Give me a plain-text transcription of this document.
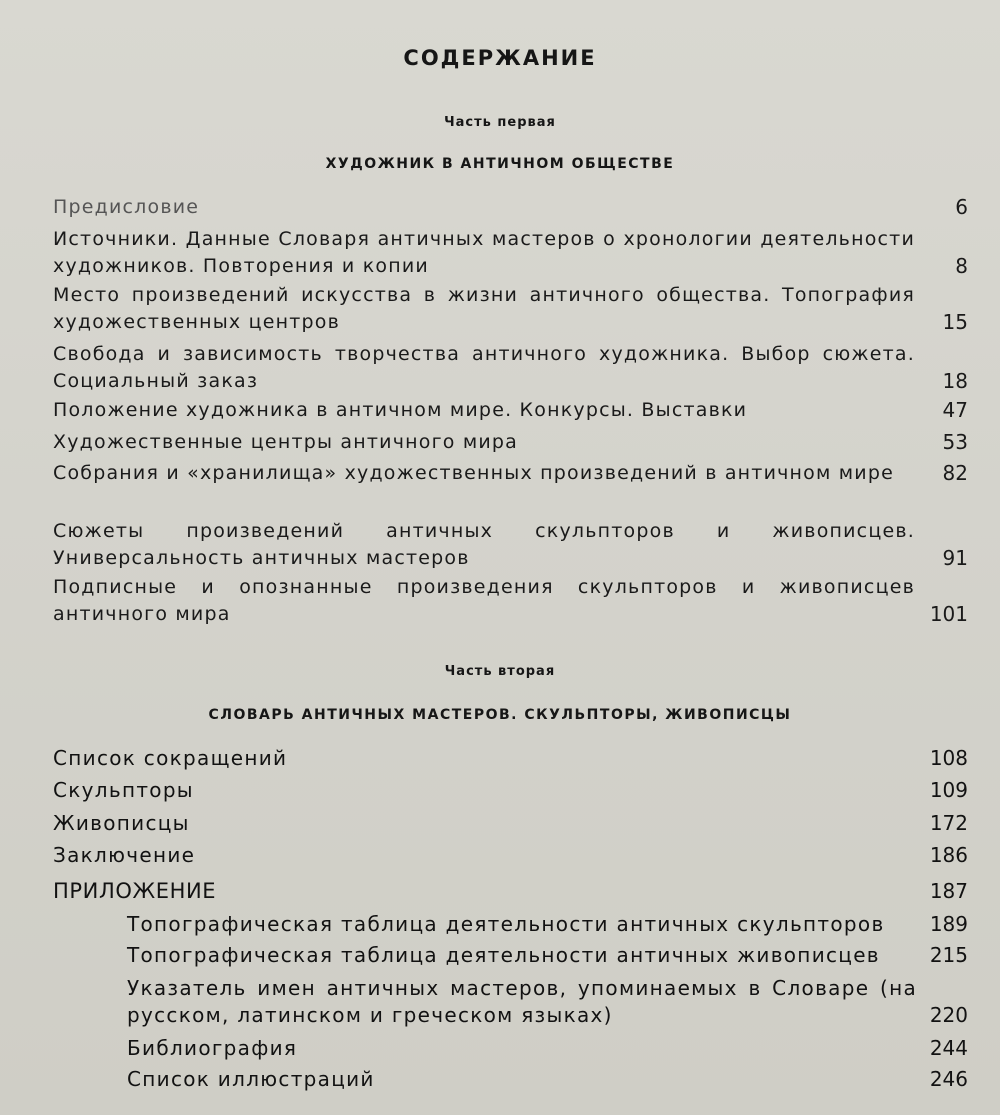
СОДЕРЖАНИЕ
Часть первая
ХУДОЖНИК В АНТИЧНОМ ОБЩЕСТВЕ
Предисловие	6
Источники. Данные Словаря античных мастеров о хронологии деятельности художников. Повторения и копии	8
Место произведений искусства в жизни античного общества. Топография художественных центров	15
Свобода и зависимость творчества античного художника. Выбор сюжета. Социальный заказ	18
Положение художника в античном мире. Конкурсы. Выставки	47
Художественные центры античного мира	53
Собрания и «хранилища» художественных произведений в античном мире	82
Сюжеты произведений античных скульпторов и живописцев. Универсальность античных мастеров	91
Подписные и опознанные произведения скульпторов и живописцев античного мира	101
Часть вторая
СЛОВАРЬ АНТИЧНЫХ МАСТЕРОВ. СКУЛЬПТОРЫ, ЖИВОПИСЦЫ
Список сокращений	108
Скульпторы	109
Живописцы	172
Заключение	186
ПРИЛОЖЕНИЕ	187
Топографическая таблица деятельности античных скульпторов	189
Топографическая таблица деятельности античных живописцев	215
Указатель имен античных мастеров, упоминаемых в Словаре (на русском, латинском и греческом языках)	220
Библиография	244
Список иллюстраций	246
